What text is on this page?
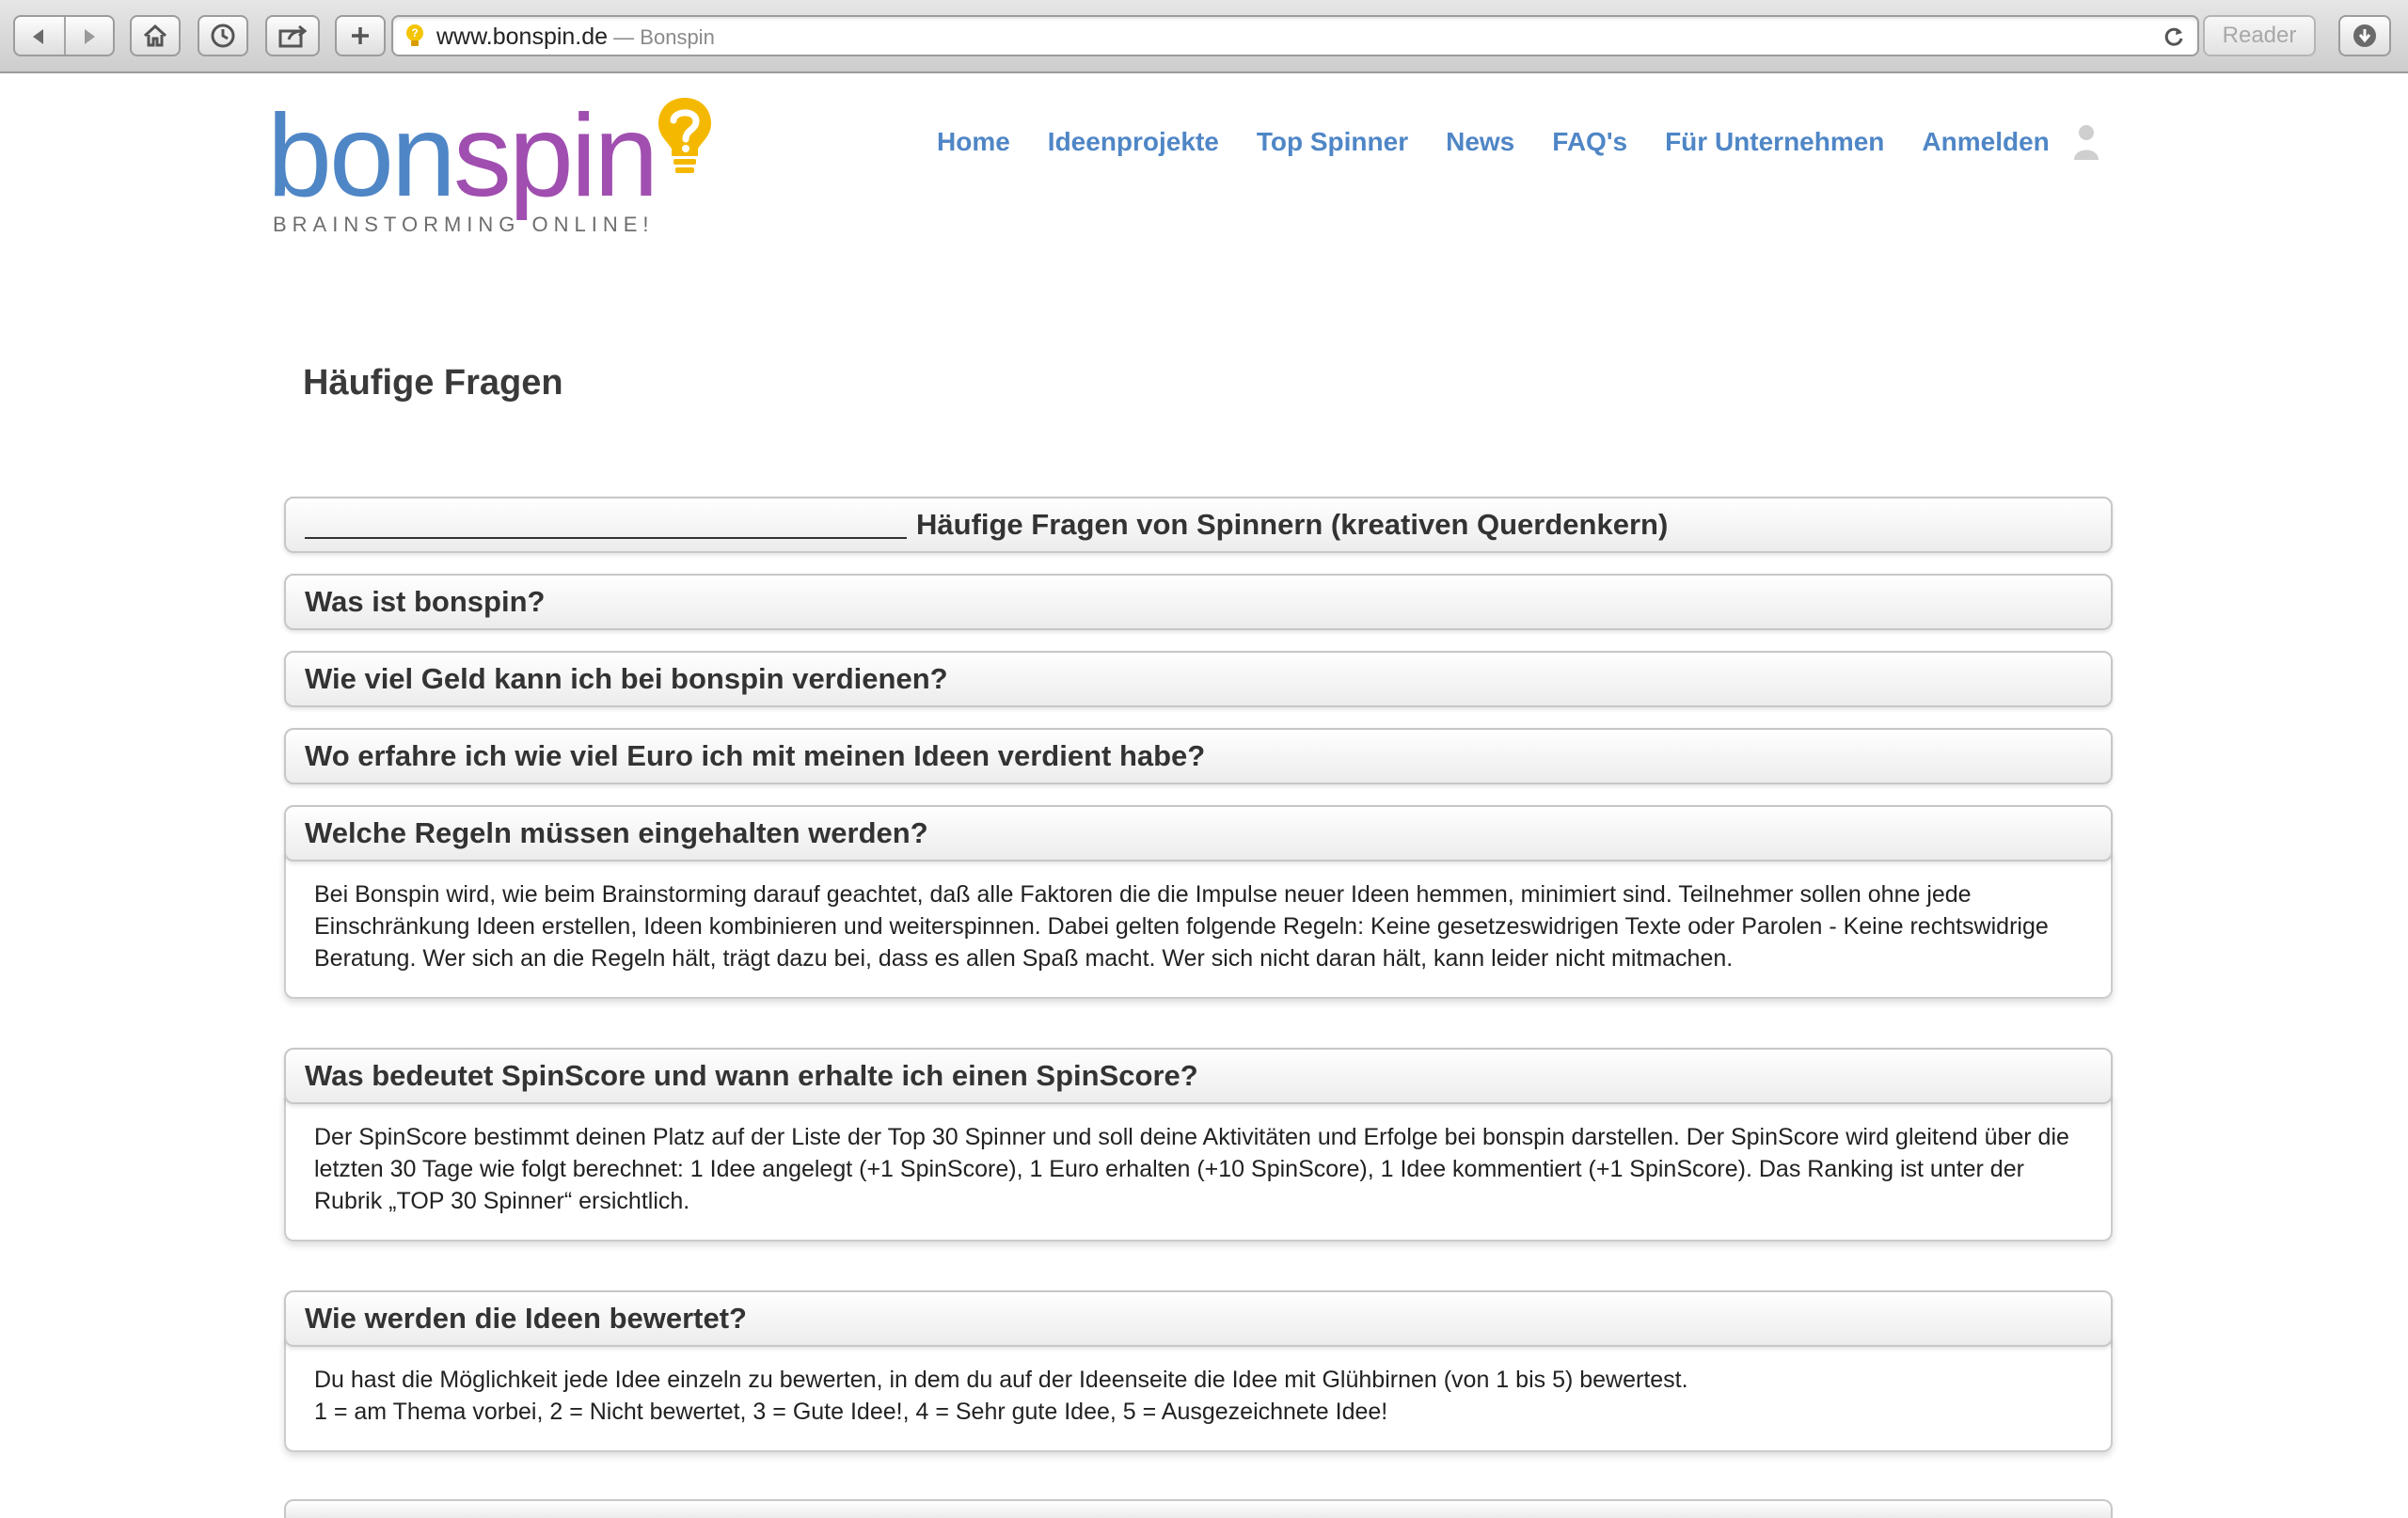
? www.bonspin.de — Bonspin	Reader
bonspin
BRAINSTORMING ONLINE!
Home Ideenprojekte Top Spinner News FAQ's Für Unternehmen Anmelden
Häufige Fragen
Häufige Fragen von Spinnern (kreativen Querdenkern)
Was ist bonspin?
Wie viel Geld kann ich bei bonspin verdienen?
Wo erfahre ich wie viel Euro ich mit meinen Ideen verdient habe?
Welche Regeln müssen eingehalten werden?

Bei Bonspin wird, wie beim Brainstorming darauf geachtet, daß alle Faktoren die die Impulse neuer Ideen hemmen, minimiert sind. Teilnehmer sollen ohne jede Einschränkung Ideen erstellen, Ideen kombinieren und weiterspinnen. Dabei gelten folgende Regeln: Keine gesetzeswidrigen Texte oder Parolen - Keine rechtswidrige Beratung. Wer sich an die Regeln hält, trägt dazu bei, dass es allen Spaß macht. Wer sich nicht daran hält, kann leider nicht mitmachen.

Was bedeutet SpinScore und wann erhalte ich einen SpinScore?

Der SpinScore bestimmt deinen Platz auf der Liste der Top 30 Spinner und soll deine Aktivitäten und Erfolge bei bonspin darstellen. Der SpinScore wird gleitend über die letzten 30 Tage wie folgt berechnet: 1 Idee angelegt (+1 SpinScore), 1 Euro erhalten (+10 SpinScore), 1 Idee kommentiert (+1 SpinScore). Das Ranking ist unter der Rubrik „TOP 30 Spinner“ ersichtlich.

Wie werden die Ideen bewertet?

Du hast die Möglichkeit jede Idee einzeln zu bewerten, in dem du auf der Ideenseite die Idee mit Glühbirnen (von 1 bis 5) bewertest.

1 = am Thema vorbei, 2 = Nicht bewertet, 3 = Gute Idee!, 4 = Sehr gute Idee, 5 = Ausgezeichnete Idee!
